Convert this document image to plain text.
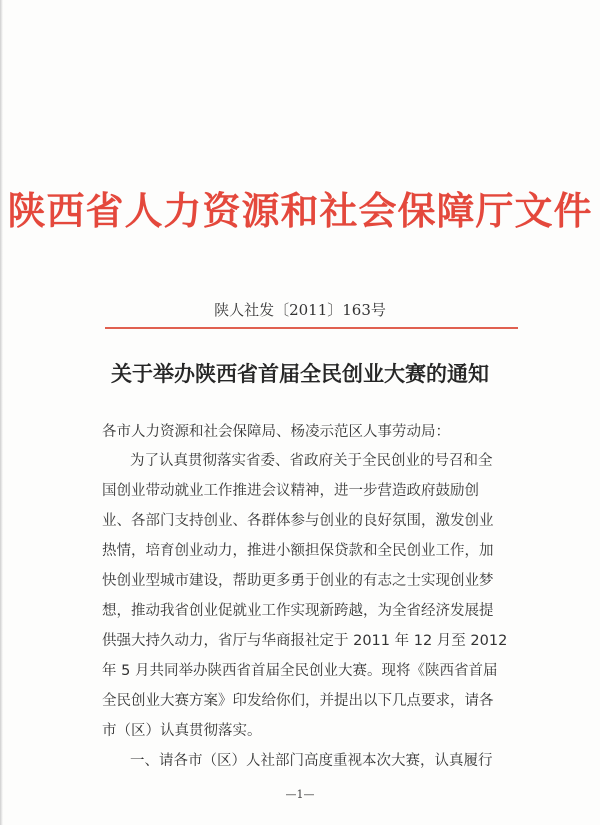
陕西省人力资源和社会保障厅文件
陕人社发〔2011〕163号
关于举办陕西省首届全民创业大赛的通知
各市人力资源和社会保障局、杨凌示范区人事劳动局：
为了认真贯彻落实省委、省政府关于全民创业的号召和全
国创业带动就业工作推进会议精神，进一步营造政府鼓励创
业、各部门支持创业、各群体参与创业的良好氛围，激发创业
热情，培育创业动力，推进小额担保贷款和全民创业工作，加
快创业型城市建设，帮助更多勇于创业的有志之士实现创业梦
想，推动我省创业促就业工作实现新跨越，为全省经济发展提
供强大持久动力，省厅与华商报社定于 2011 年 12 月至 2012
年 5 月共同举办陕西省首届全民创业大赛。现将《陕西省首届
全民创业大赛方案》印发给你们，并提出以下几点要求，请各
市（区）认真贯彻落实。
一、请各市（区）人社部门高度重视本次大赛，认真履行
—1—
